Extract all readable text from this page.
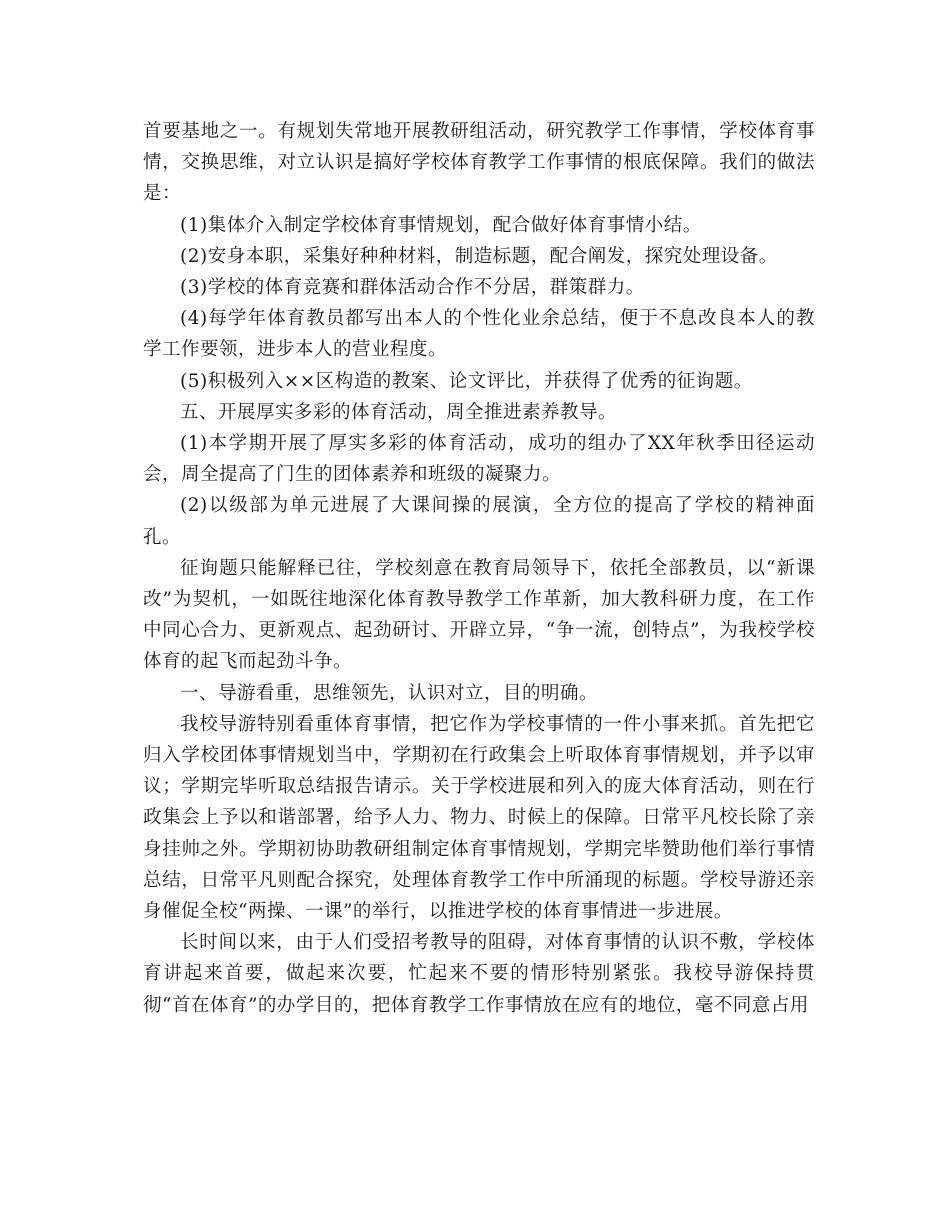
首要基地之一。有规划失常地开展教研组活动，研究教学工作事情，学校体育事情，交换思维，对立认识是搞好学校体育教学工作事情的根底保障。我们的做法是：

(1)集体介入制定学校体育事情规划，配合做好体育事情小结。

(2)安身本职，采集好种种材料，制造标题，配合阐发，探究处理设备。

(3)学校的体育竞赛和群体活动合作不分居，群策群力。

(4)每学年体育教员都写出本人的个性化业余总结，便于不息改良本人的教学工作要领，进步本人的营业程度。

(5)积极列入××区构造的教案、论文评比，并获得了优秀的征询题。

五、开展厚实多彩的体育活动，周全推进素养教导。

(1)本学期开展了厚实多彩的体育活动，成功的组办了XX年秋季田径运动会，周全提高了门生的团体素养和班级的凝聚力。

(2)以级部为单元进展了大课间操的展演，全方位的提高了学校的精神面孔。

征询题只能解释已往，学校刻意在教育局领导下，依托全部教员，以“新课改”为契机，一如既往地深化体育教导教学工作革新，加大教科研力度，在工作中同心合力、更新观点、起劲研讨、开辟立异，“争一流，创特点”，为我校学校体育的起飞而起劲斗争。

一、导游看重，思维领先，认识对立，目的明确。

我校导游特别看重体育事情，把它作为学校事情的一件小事来抓。首先把它归入学校团体事情规划当中，学期初在行政集会上听取体育事情规划，并予以审议；学期完毕听取总结报告请示。关于学校进展和列入的庞大体育活动，则在行政集会上予以和谐部署，给予人力、物力、时候上的保障。日常平凡校长除了亲身挂帅之外。学期初协助教研组制定体育事情规划，学期完毕赞助他们举行事情总结，日常平凡则配合探究，处理体育教学工作中所涌现的标题。学校导游还亲身催促全校“两操、一课”的举行，以推进学校的体育事情进一步进展。

长时间以来，由于人们受招考教导的阻碍，对体育事情的认识不敷，学校体育讲起来首要，做起来次要，忙起来不要的情形特别紧张。我校导游保持贯彻“首在体育”的办学目的，把体育教学工作事情放在应有的地位，毫不同意占用
